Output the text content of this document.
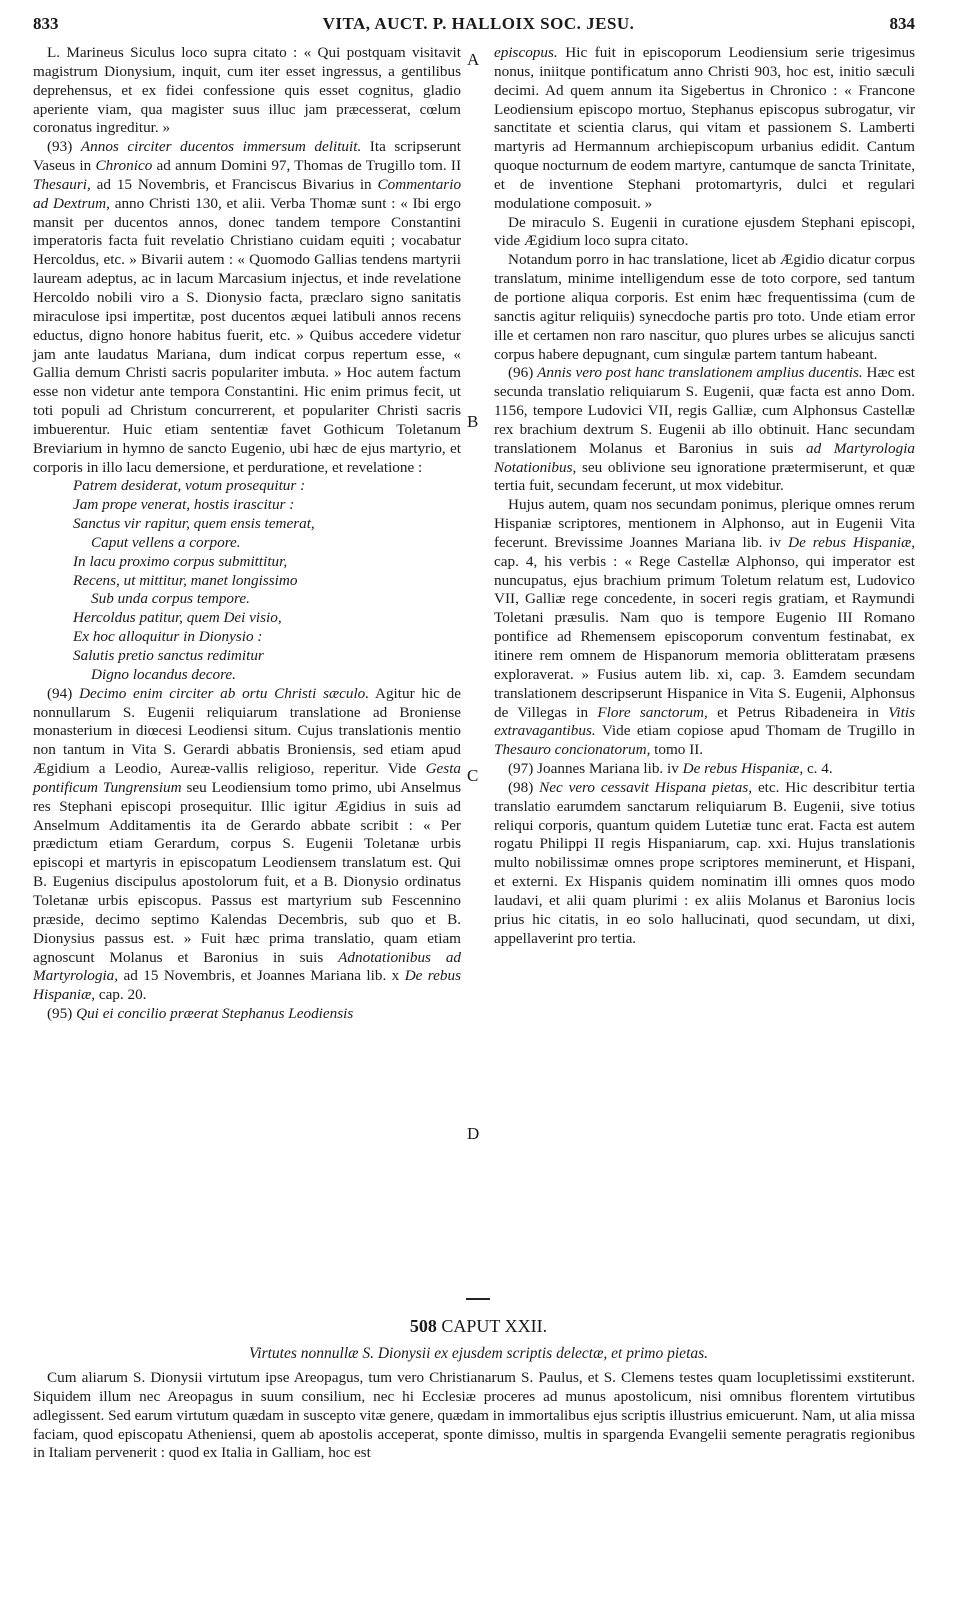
833	VITA, AUCT. P. HALLOIX SOC. JESU.	834

L. Marineus Siculus loco supra citato : « Qui postquam visitavit magistrum Dionysium, inquit, cum iter esset ingressus, a gentilibus deprehensus, et ex fidei confessione quis esset cognitus, gladio aperiente viam, qua magister suus illuc jam præcesserat, cœlum coronatus ingreditur. »

(93) Annos circiter ducentos immersum delituit. Ita scripserunt Vaseus in Chronico ad annum Domini 97, Thomas de Trugillo tom. II Thesauri, ad 15 Novembris, et Franciscus Bivarius in Commentario ad Dextrum, anno Christi 130, et alii. Verba Thomæ sunt : « Ibi ergo mansit per ducentos annos, donec tandem tempore Constantini imperatoris facta fuit revelatio Christiano cuidam equiti ; vocabatur Hercoldus, etc. » Bivarii autem : « Quomodo Gallias tendens martyrii lauream adeptus, ac in lacum Marcasium injectus, et inde revelatione Hercoldo nobili viro a S. Dionysio facta, præclaro signo sanitatis miraculose ipsi impertitæ, post ducentos æquei latibuli annos recens eductus, digno honore habitus fuerit, etc. » Quibus accedere videtur jam ante laudatus Mariana, dum indicat corpus repertum esse, « Gallia demum Christi sacris populariter imbuta. » Hoc autem factum esse non videtur ante tempora Constantini. Hic enim primus fecit, ut toti populi ad Christum concurrerent, et populariter Christi sacris imbuerentur. Huic etiam sententiæ favet Gothicum Toletanum Breviarium in hymno de sancto Eugenio, ubi hæc de ejus martyrio, et corporis in illo lacu demersione, et perduratione, et revelatione :

Patrem desiderat, votum prosequitur :

Jam prope venerat, hostis irascitur :

Sanctus vir rapitur, quem ensis temerat,

Caput vellens a corpore.

In lacu proximo corpus submittitur,

Recens, ut mittitur, manet longissimo

Sub unda corpus tempore.

Hercoldus patitur, quem Dei visio,

Ex hoc alloquitur in Dionysio :

Salutis pretio sanctus redimitur

Digno locandus decore.

(94) Decimo enim circiter ab ortu Christi sæculo. Agitur hic de nonnullarum S. Eugenii reliquiarum translatione ad Broniense monasterium in diœcesi Leodiensi situm. Cujus translationis mentio non tantum in Vita S. Gerardi abbatis Broniensis, sed etiam apud Ægidium a Leodio, Aureæ-vallis religioso, reperitur. Vide Gesta pontificum Tungrensium seu Leodiensium tomo primo, ubi Anselmus res Stephani episcopi prosequitur. Illic igitur Ægidius in suis ad Anselmum Additamentis ita de Gerardo abbate scribit : « Per prædictum etiam Gerardum, corpus S. Eugenii Toletanæ urbis episcopi et martyris in episcopatum Leodiensem translatum est. Qui B. Eugenius discipulus apostolorum fuit, et a B. Dionysio ordinatus Toletanæ urbis episcopus. Passus est martyrium sub Fescennino præside, decimo septimo Kalendas Decembris, sub quo et B. Dionysius passus est. » Fuit hæc prima translatio, quam etiam agnoscunt Molanus et Baronius in suis Adnotationibus ad Martyrologia, ad 15 Novembris, et Joannes Mariana lib. x De rebus Hispaniæ, cap. 20.

(95) Qui ei concilio præerat Stephanus Leodiensis

A
B
C
D

episcopus. Hic fuit in episcoporum Leodiensium serie trigesimus nonus, iniitque pontificatum anno Christi 903, hoc est, initio sæculi decimi. Ad quem annum ita Sigebertus in Chronico : « Francone Leodiensium episcopo mortuo, Stephanus episcopus subrogatur, vir sanctitate et scientia clarus, qui vitam et passionem S. Lamberti martyris ad Hermannum archiepiscopum urbanius edidit. Cantum quoque nocturnum de eodem martyre, cantumque de sancta Trinitate, et de inventione Stephani protomartyris, dulci et regulari modulatione composuit. »

De miraculo S. Eugenii in curatione ejusdem Stephani episcopi, vide Ægidium loco supra citato.

Notandum porro in hac translatione, licet ab Ægidio dicatur corpus translatum, minime intelligendum esse de toto corpore, sed tantum de portione aliqua corporis. Est enim hæc frequentissima (cum de sanctis agitur reliquiis) synecdoche partis pro toto. Unde etiam error ille et certamen non raro nascitur, quo plures urbes se alicujus sancti corpus habere depugnant, cum singulæ partem tantum habeant.

(96) Annis vero post hanc translationem amplius ducentis. Hæc est secunda translatio reliquiarum S. Eugenii, quæ facta est anno Dom. 1156, tempore Ludovici VII, regis Galliæ, cum Alphonsus Castellæ rex brachium dextrum S. Eugenii ab illo obtinuit. Hanc secundam translationem Molanus et Baronius in suis ad Martyrologia Notationibus, seu oblivione seu ignoratione prætermiserunt, et quæ tertia fuit, secundam fecerunt, ut mox videbitur.

Hujus autem, quam nos secundam ponimus, plerique omnes rerum Hispaniæ scriptores, mentionem in Alphonso, aut in Eugenii Vita fecerunt. Brevissime Joannes Mariana lib. iv De rebus Hispaniæ, cap. 4, his verbis : « Rege Castellæ Alphonso, qui imperator est nuncupatus, ejus brachium primum Toletum relatum est, Ludovico VII, Galliæ rege concedente, in soceri regis gratiam, et Raymundi Toletani præsulis. Nam quo is tempore Eugenio III Romano pontifice ad Rhemensem episcoporum conventum festinabat, ex itinere rem omnem de Hispanorum memoria oblitteratam præsens exploraverat. » Fusius autem lib. xi, cap. 3. Eamdem secundam translationem descripserunt Hispanice in Vita S. Eugenii, Alphonsus de Villegas in Flore sanctorum, et Petrus Ribadeneira in Vitis extravagantibus. Vide etiam copiose apud Thomam de Trugillo in Thesauro concionatorum, tomo II.

(97) Joannes Mariana lib. iv De rebus Hispaniæ, c. 4.

(98) Nec vero cessavit Hispana pietas, etc. Hic describitur tertia translatio earumdem sanctarum reliquiarum B. Eugenii, sive totius reliqui corporis, quantum quidem Lutetiæ tunc erat. Facta est autem rogatu Philippi II regis Hispaniarum, cap. xxi. Hujus translationis multo nobilissimæ omnes prope scriptores meminerunt, et Hispani, et externi. Ex Hispanis quidem nominatim illi omnes quos modo laudavi, et alii quam plurimi : ex aliis Molanus et Baronius locis prius hic citatis, in eo solo hallucinati, quod secundam, ut dixi, appellaverint pro tertia.

508 CAPUT XXII.
Virtutes nonnullæ S. Dionysii ex ejusdem scriptis delectæ, et primo pietas.
Cum aliarum S. Dionysii virtutum ipse Areopagus, tum vero Christianarum S. Paulus, et S. Clemens testes quam locupletissimi exstiterunt. Siquidem illum nec Areopagus in suum consilium, nec hi Ecclesiæ proceres ad munus apostolicum, nisi omnibus florentem virtutibus adlegissent. Sed earum virtutum quædam in suscepto vitæ genere, quædam in immortalibus ejus scriptis illustrius emicuerunt. Nam, ut alia missa faciam, quod episcopatu Atheniensi, quem ab apostolis acceperat, sponte dimisso, multis in spargenda Evangelii semente peragratis regionibus in Italiam pervenerit : quod ex Italia in Galliam, hoc est
